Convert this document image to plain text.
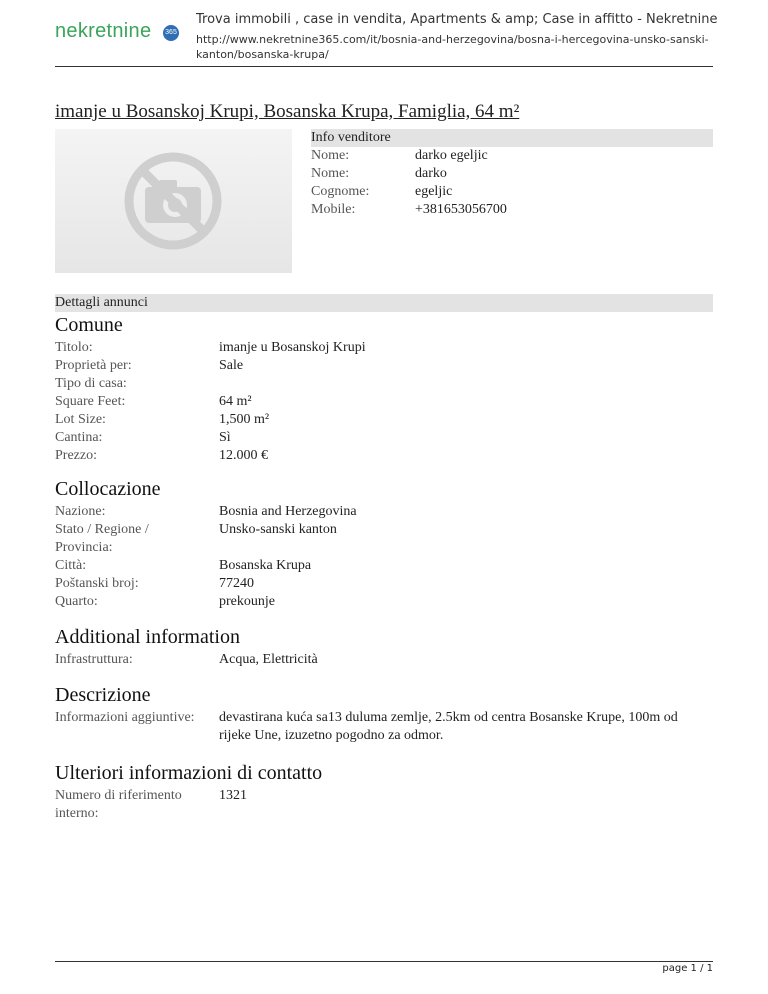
nekretnine	365
Trova immobili , case in vendita, Apartments & amp; Case in affitto - Nekretnine
http://www.nekretnine365.com/it/bosnia-and-herzegovina/bosna-i-hercegovina-unsko-sanski-kanton/bosanska-krupa/
imanje u Bosanskoj Krupi, Bosanska Krupa, Famiglia, 64 m²
Info venditore
Nome:	darko egeljic
Nome:	darko
Cognome:	egeljic
Mobile:	+381653056700
Dettagli annunci
Comune
Titolo:	imanje u Bosanskoj Krupi
Proprietà per:	Sale
Tipo di casa:
Square Feet:	64 m²
Lot Size:	1,500 m²
Cantina:	Sì
Prezzo:	12.000 €
Collocazione
Nazione:	Bosnia and Herzegovina
Stato / Regione / Provincia:
Unsko-sanski kanton
Città:	Bosanska Krupa
Poštanski broj:	77240
Quarto:	prekounje
Additional information
Infrastruttura:	Acqua, Elettricità
Descrizione
Informazioni aggiuntive:	devastirana kuća sa13 duluma zemlje, 2.5km od centra Bosanske Krupe, 100m od rijeke Une, izuzetno pogodno za odmor.
Ulteriori informazioni di contatto
Numero di riferimento interno:
1321
page 1 / 1
